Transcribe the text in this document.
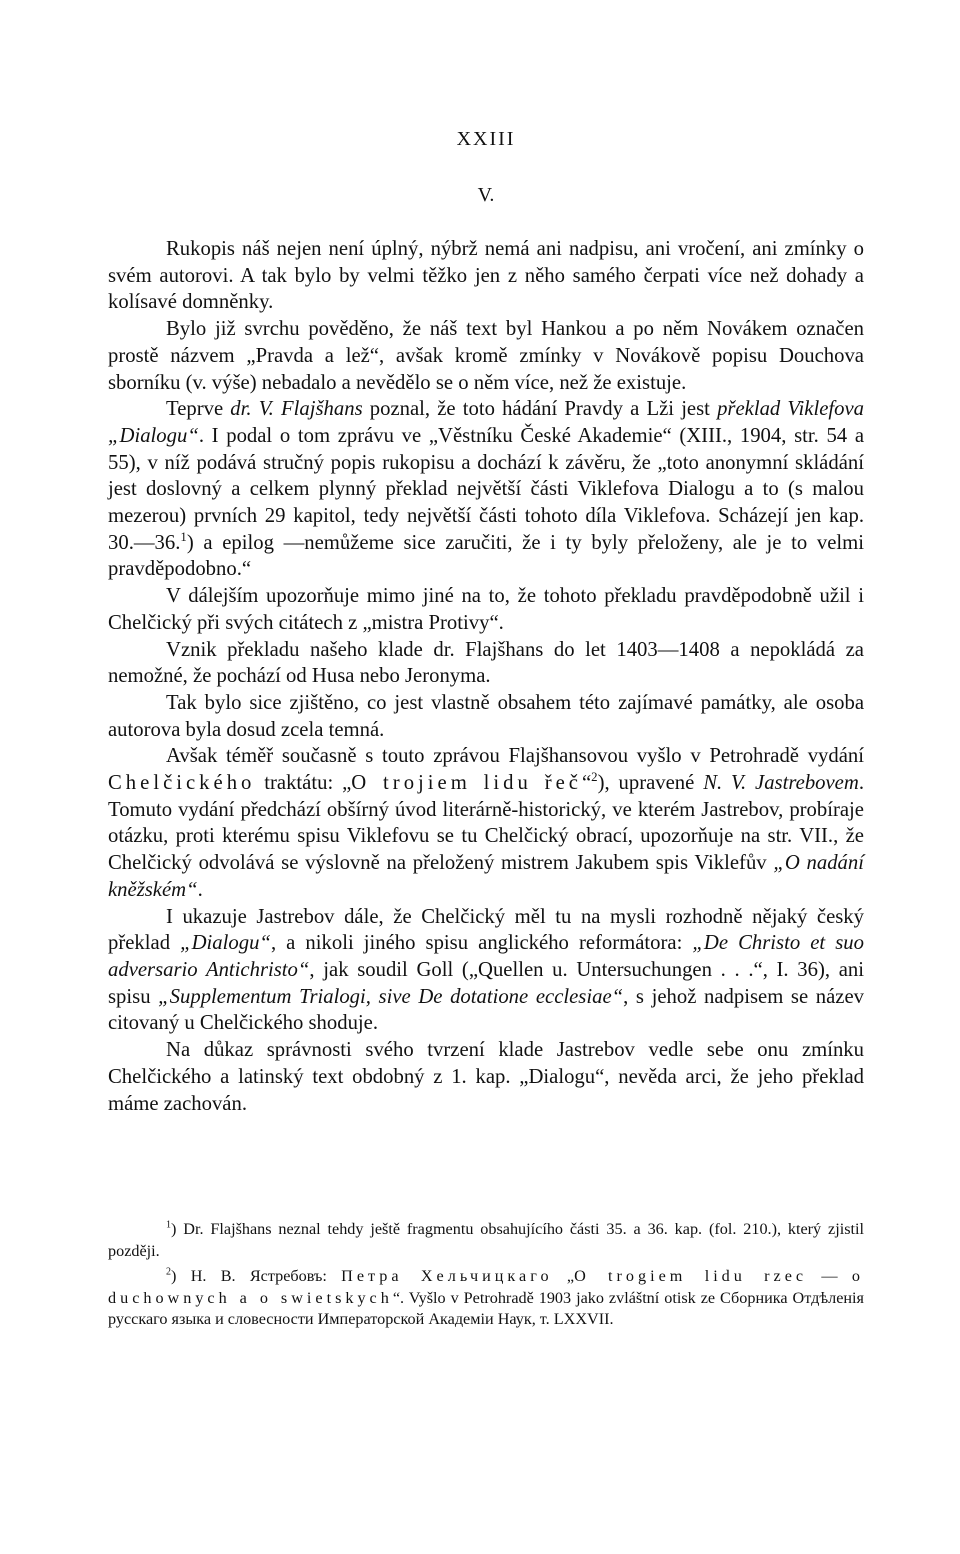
XXIII
V.

Rukopis náš nejen není úplný, nýbrž nemá ani nadpisu, ani vročení, ani zmínky o svém autorovi. A tak bylo by velmi těžko jen z něho samého čerpati více než dohady a kolísavé domněnky.

Bylo již svrchu pověděno, že náš text byl Hankou a po něm Novákem označen prostě názvem „Pravda a lež“, avšak kromě zmínky v Novákově popisu Douchova sborníku (v. výše) nebadalo a nevědělo se o něm více, než že existuje.

Teprve dr. V. Flajšhans poznal, že toto hádání Pravdy a Lži jest překlad Viklefova „Dialogu“. I podal o tom zprávu ve „Věstníku České Akademie“ (XIII., 1904, str. 54 a 55), v níž podává stručný popis rukopisu a dochází k závěru, že „toto anonymní skládání jest doslovný a celkem plynný překlad největší části Viklefova Dialogu a to (s malou mezerou) prvních 29 kapitol, tedy největší části tohoto díla Viklefova. Scházejí jen kap. 30.—36.$^1$) a epilog —nemůžeme sice zaručiti, že i ty byly přeloženy, ale je to velmi pravděpodobno.“

V dálejším upozorňuje mimo jiné na to, že tohoto překladu pravděpodobně užil i Chelčický při svých citátech z „mistra Protivy“.

Vznik překladu našeho klade dr. Flajšhans do let 1403—1408 a nepokládá za nemožné, že pochází od Husa nebo Jeronyma.

Tak bylo sice zjištěno, co jest vlastně obsahem této zajímavé památky, ale osoba autorova byla dosud zcela temná.

Avšak téměř současně s touto zprávou Flajšhansovou vyšlo v Petrohradě vydání Chelčického traktátu: „O trojiem lidu řeč“$^2$), upravené N. V. Jastrebovem. Tomuto vydání předchází obšírný úvod literárně-historický, ve kterém Jastrebov, probíraje otázku, proti kterému spisu Viklefovu se tu Chelčický obrací, upozorňuje na str. VII., že Chelčický odvolává se výslovně na přeložený mistrem Jakubem spis Viklefův „O nadání kněžském“.

I ukazuje Jastrebov dále, že Chelčický měl tu na mysli rozhodně nějaký český překlad „Dialogu“, a nikoli jiného spisu anglického reformátora: „De Christo et suo adversario Antichristo“, jak soudil Goll („Quellen u. Untersuchungen . . .“, I. 36), ani spisu „Supplementum Trialogi, sive De dotatione ecclesiae“, s jehož nadpisem se název citovaný u Chelčického shoduje.

Na důkaz správnosti svého tvrzení klade Jastrebov vedle sebe onu zmínku Chelčického a latinský text obdobný z 1. kap. „Dialogu“, nevěda arci, že jeho překlad máme zachován.

$^1$) Dr. Flajšhans neznal tehdy ještě fragmentu obsahujícího části 35. a 36. kap. (fol. 210.), který zjistil později.

$^2$) Н. В. Ястребовъ: Петра Хельчицкаго „O trogiem lidu rzec — o duchownych a o swietskych“. Vyšlo v Petrohradě 1903 jako zvláštní otisk ze Сборника Отдѣленія русскаго языка и словесности Императорской Академіи Наук, т. LXXVII.
